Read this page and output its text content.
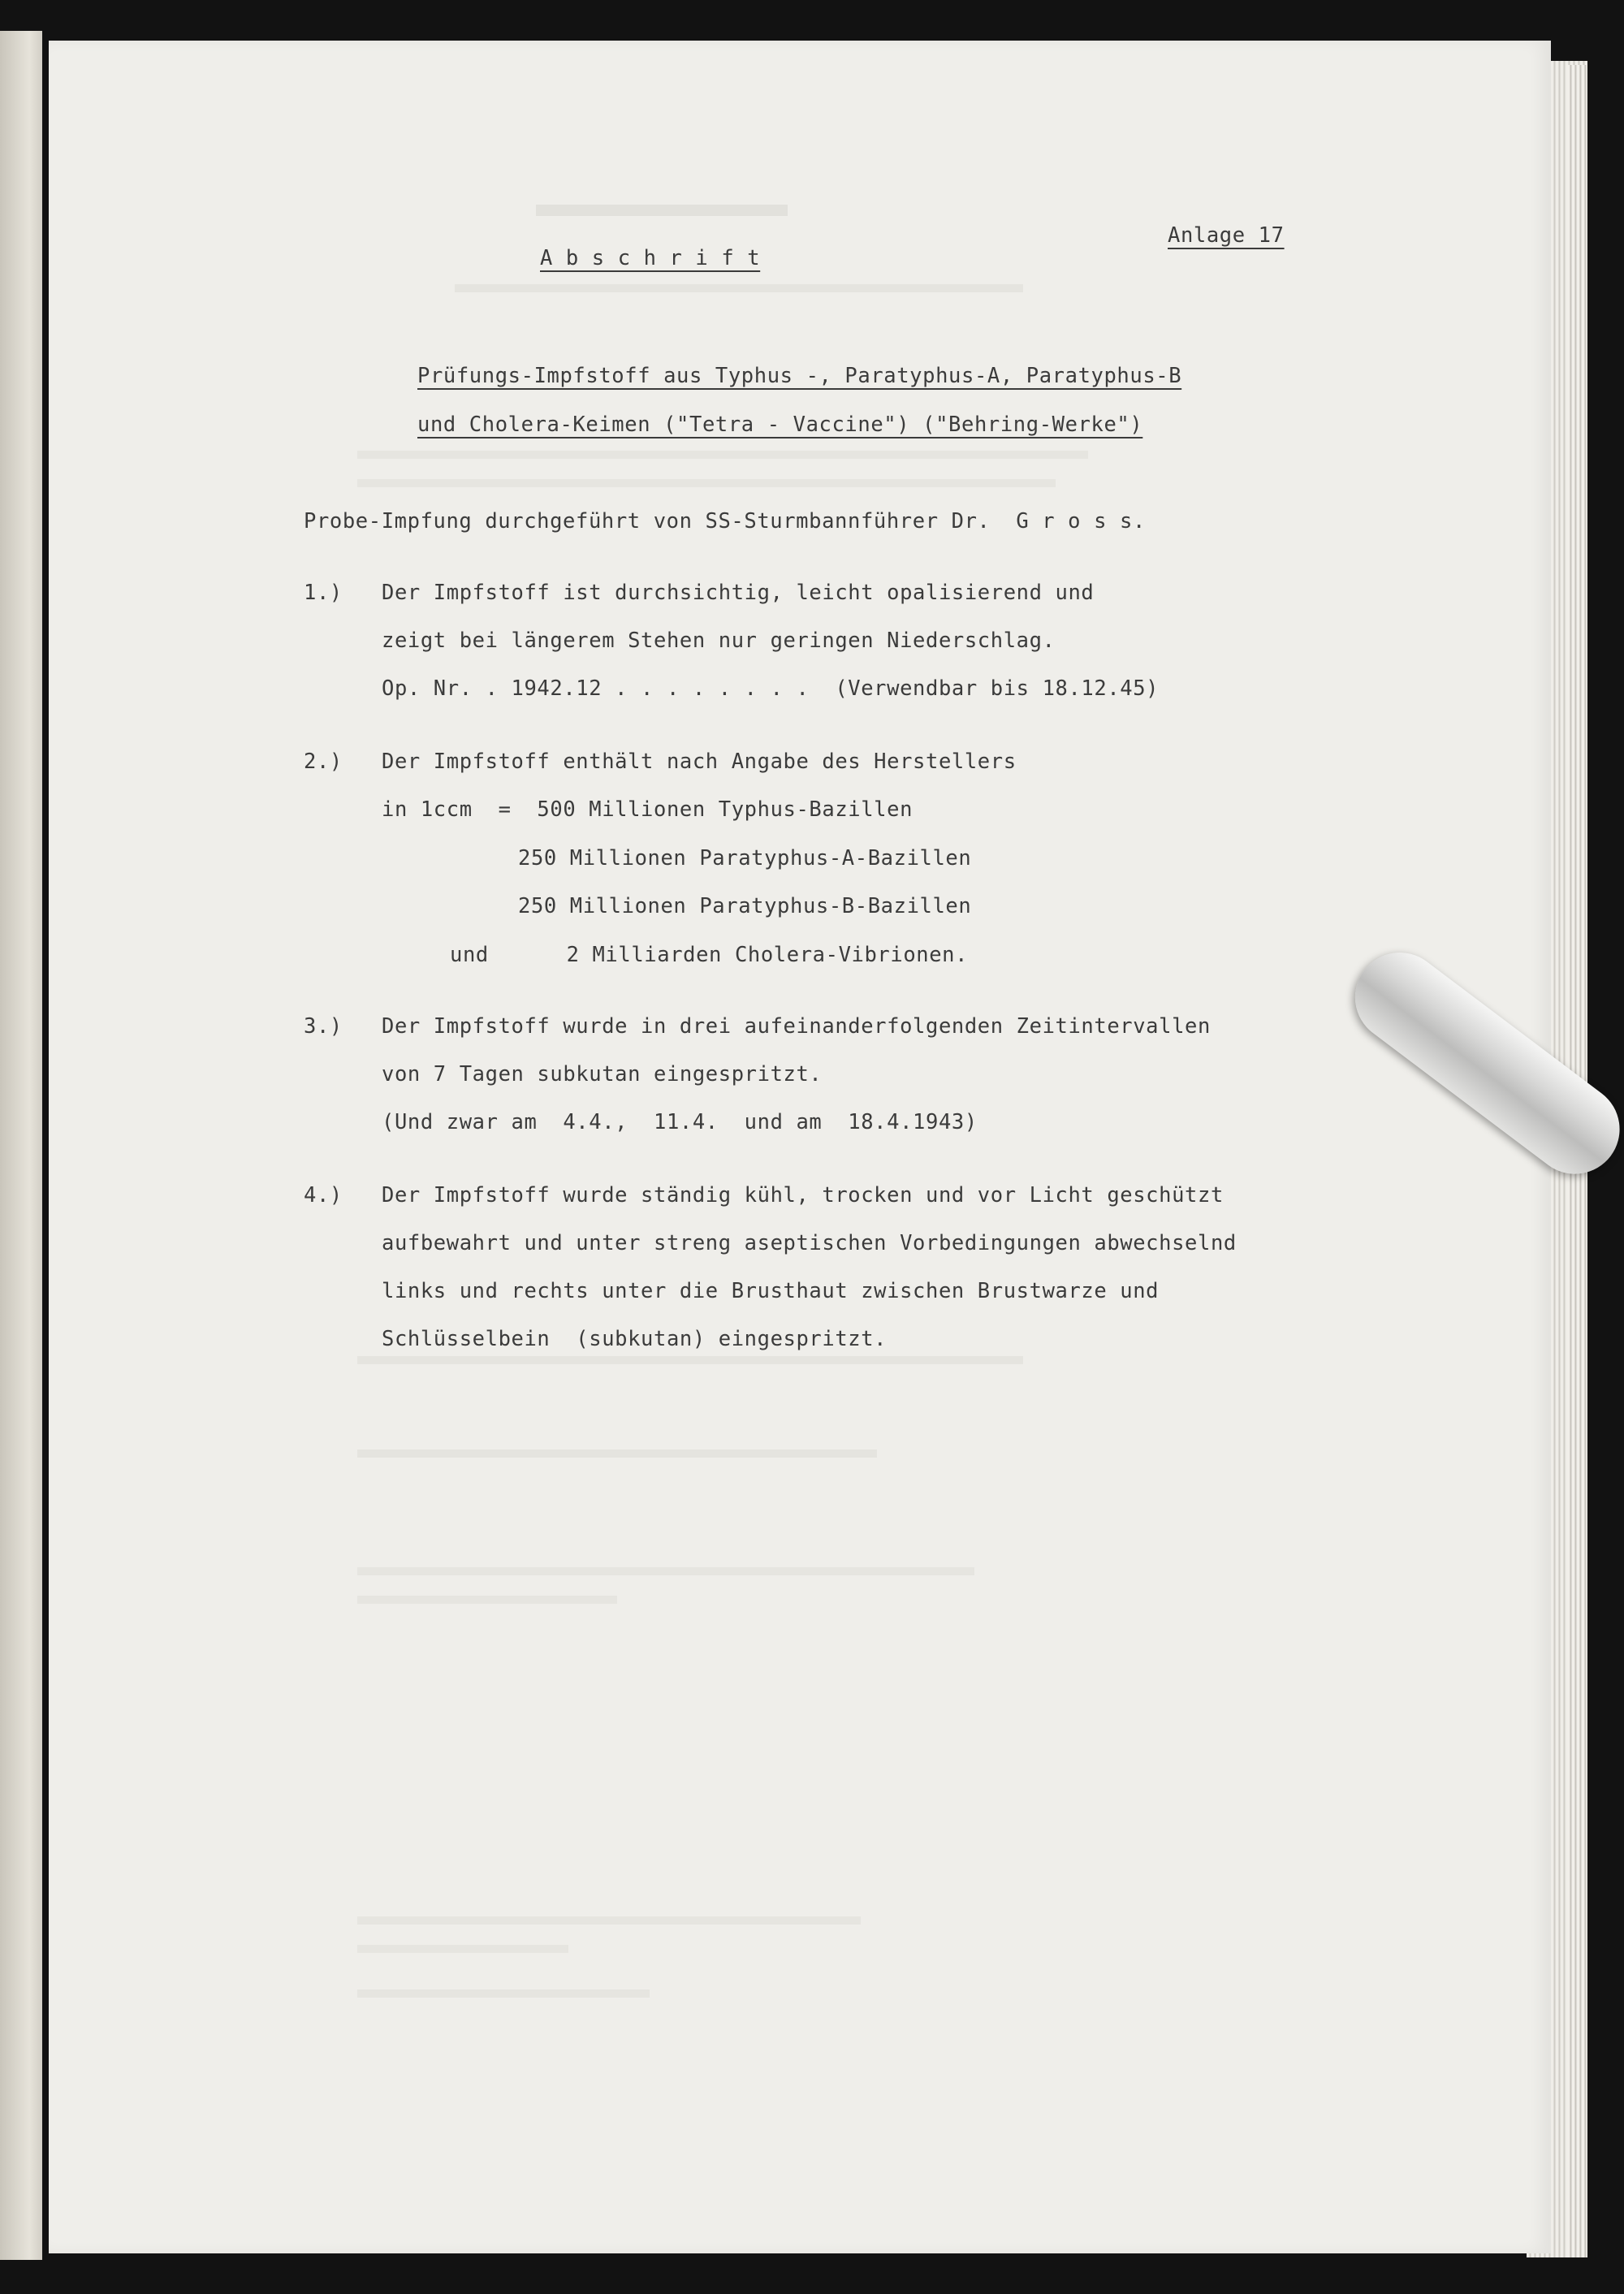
Anlage 17
A b s c h r i f t
Prüfungs-Impfstoff aus Typhus -, Paratyphus-A, Paratyphus-B
und Cholera-Keimen ("Tetra - Vaccine") ("Behring-Werke")
Probe-Impfung durchgeführt von SS-Sturmbannführer Dr.  G r o s s.
1.) Der Impfstoff ist durchsichtig, leicht opalisierend und
zeigt bei längerem Stehen nur geringen Niederschlag.
Op. Nr. . 1942.12 . . . . . . . .  (Verwendbar bis 18.12.45)
2.) Der Impfstoff enthält nach Angabe des Herstellers
in 1ccm  =  500 Millionen Typhus-Bazillen
250 Millionen Paratyphus-A-Bazillen
250 Millionen Paratyphus-B-Bazillen
und      2 Milliarden Cholera-Vibrionen.
3.) Der Impfstoff wurde in drei aufeinanderfolgenden Zeitintervallen
von 7 Tagen subkutan eingespritzt.
(Und zwar am  4.4.,  11.4.  und am  18.4.1943)
4.) Der Impfstoff wurde ständig kühl, trocken und vor Licht geschützt
aufbewahrt und unter streng aseptischen Vorbedingungen abwechselnd
links und rechts unter die Brusthaut zwischen Brustwarze und
Schlüsselbein  (subkutan) eingespritzt.
